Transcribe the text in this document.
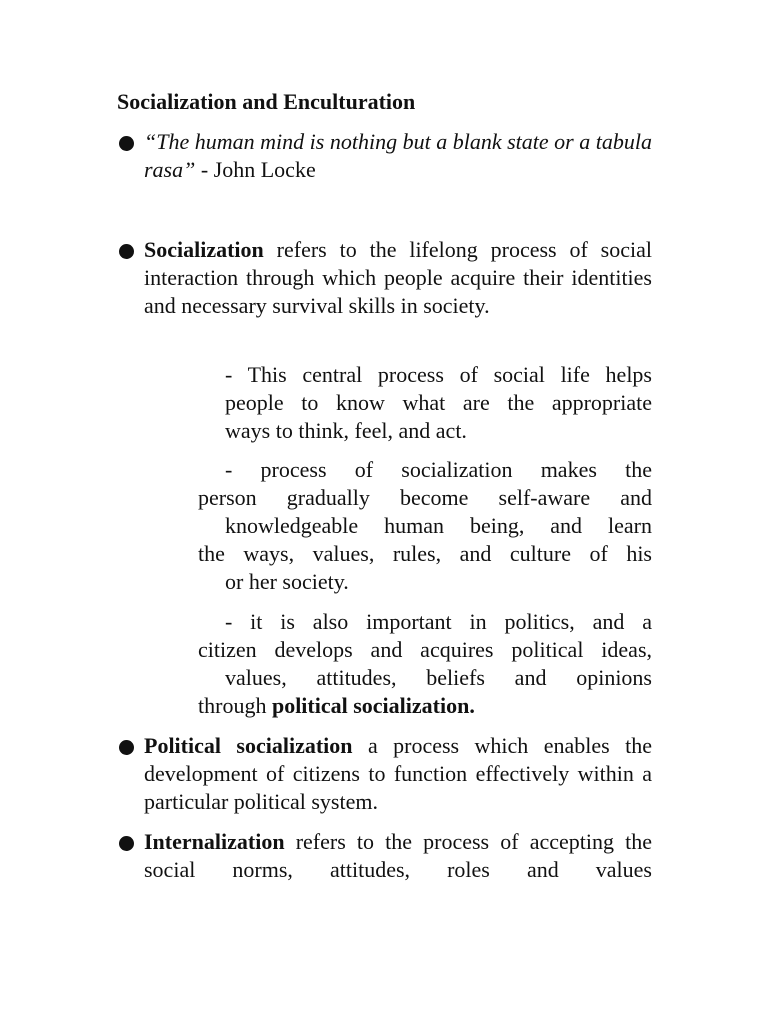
Socialization and Enculturation
“The human mind is nothing but a blank state or a tabula rasa” - John Locke
Socialization refers to the lifelong process of social interaction through which people acquire their identities and necessary survival skills in society.
- This central process of social life helps
people to know what are the appropriate
ways to think, feel, and act.
- process of socialization makes the
person gradually become self-aware and
knowledgeable human being, and learn
the ways, values, rules, and culture of his
or her society.
- it is also important in politics, and a
citizen develops and acquires political ideas,
values, attitudes, beliefs and opinions
through political socialization.
Political socialization a process which enables the development of citizens to function effectively within a particular political system.
Internalization refers to the process of accepting the social norms, attitudes, roles and values
